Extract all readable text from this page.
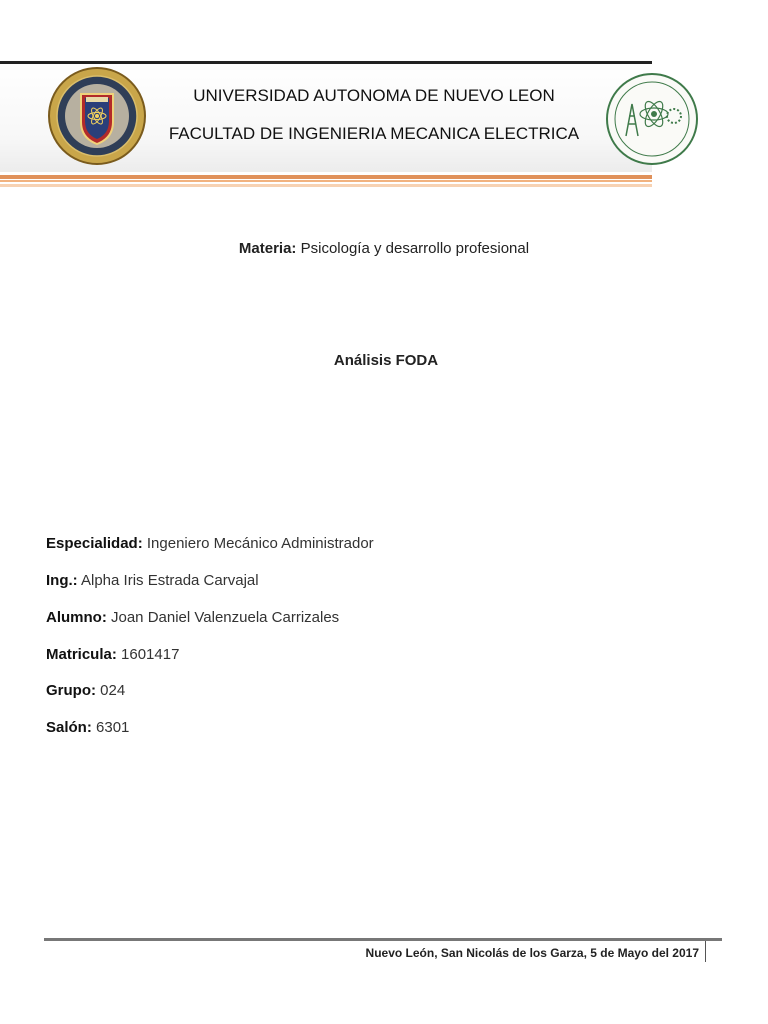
UNIVERSIDAD AUTONOMA DE NUEVO LEON
FACULTAD DE INGENIERIA MECANICA ELECTRICA
Materia: Psicología y desarrollo profesional
Análisis FODA
Especialidad: Ingeniero Mecánico Administrador
Ing.: Alpha Iris Estrada Carvajal
Alumno: Joan Daniel Valenzuela Carrizales
Matricula: 1601417
Grupo: 024
Salón: 6301
Nuevo León, San Nicolás de los Garza, 5 de Mayo del 2017
